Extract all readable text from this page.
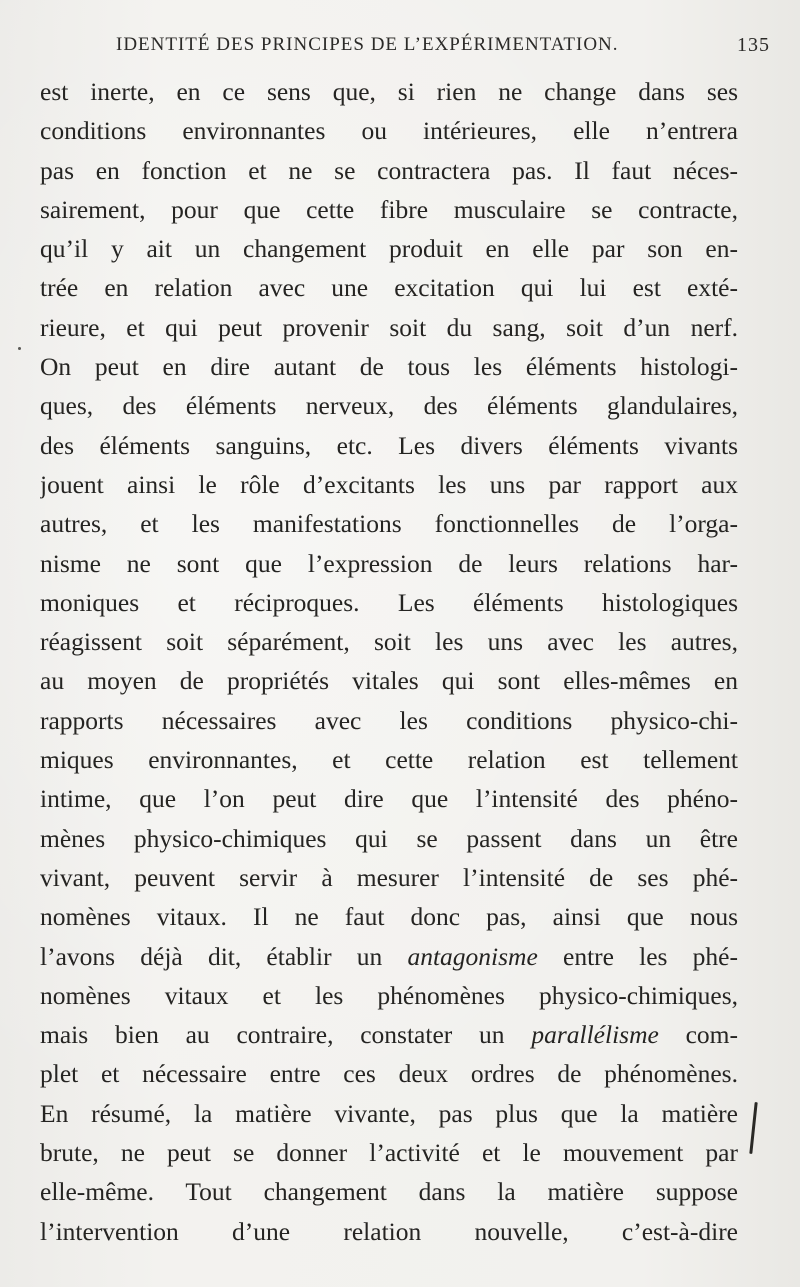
IDENTITÉ DES PRINCIPES DE L’EXPÉRIMENTATION.	135
est inerte, en ce sens que, si rien ne change dans ses
conditions environnantes ou intérieures, elle n’entrera
pas en fonction et ne se contractera pas. Il faut néces-
sairement, pour que cette fibre musculaire se contracte,
qu’il y ait un changement produit en elle par son en-
trée en relation avec une excitation qui lui est exté-
rieure, et qui peut provenir soit du sang, soit d’un nerf.
On peut en dire autant de tous les éléments histologi-
ques, des éléments nerveux, des éléments glandulaires,
des éléments sanguins, etc. Les divers éléments vivants
jouent ainsi le rôle d’excitants les uns par rapport aux
autres, et les manifestations fonctionnelles de l’orga-
nisme ne sont que l’expression de leurs relations har-
moniques et réciproques. Les éléments histologiques
réagissent soit séparément, soit les uns avec les autres,
au moyen de propriétés vitales qui sont elles-mêmes en
rapports nécessaires avec les conditions physico-chi-
miques environnantes, et cette relation est tellement
intime, que l’on peut dire que l’intensité des phéno-
mènes physico-chimiques qui se passent dans un être
vivant, peuvent servir à mesurer l’intensité de ses phé-
nomènes vitaux. Il ne faut donc pas, ainsi que nous
l’avons déjà dit, établir un antagonisme entre les phé-
nomènes vitaux et les phénomènes physico-chimiques,
mais bien au contraire, constater un parallélisme com-
plet et nécessaire entre ces deux ordres de phénomènes.
En résumé, la matière vivante, pas plus que la matière
brute, ne peut se donner l’activité et le mouvement par
elle-même. Tout changement dans la matière suppose
l’intervention d’une relation nouvelle, c’est-à-dire
